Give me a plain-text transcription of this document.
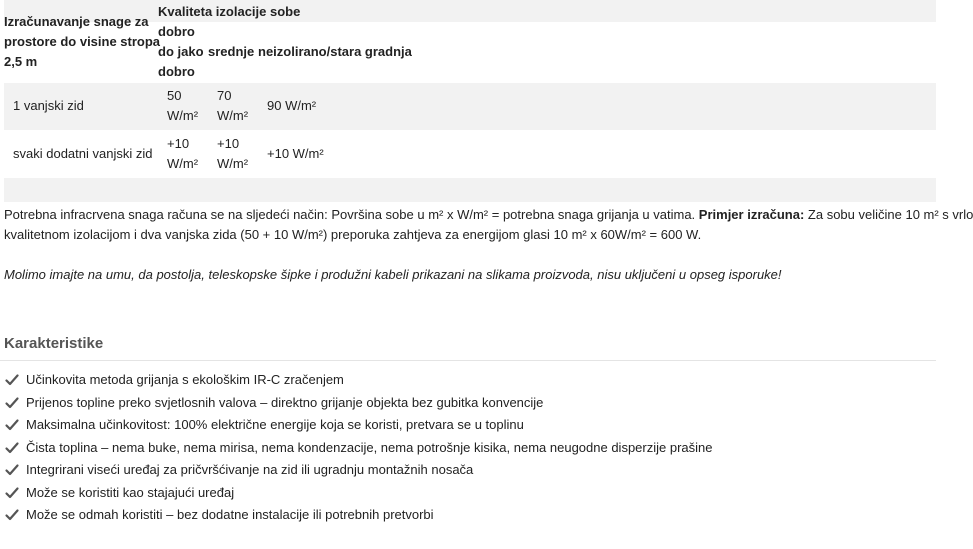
Izračunavanje snage za
prostore do visine stropa
2,5 m
Kvaliteta izolacije sobe
dobro
do jako
dobro
srednje neizolirano/stara gradnja
1 vanjski zid
50
W/m²
70
W/m²
90 W/m²
svaki dodatni vanjski zid
+10
W/m²
+10
W/m²
+10 W/m²
Potrebna infracrvena snaga računa se na sljedeći način: Površina sobe u m² x W/m² = potrebna snaga grijanja u vatima. Primjer izračuna: Za sobu veličine 10 m² s vrlo
kvalitetnom izolacijom i dva vanjska zida (50 + 10 W/m²) preporuka zahtjeva za energijom glasi 10 m² x 60W/m² = 600 W.
Molimo imajte na umu, da postolja, teleskopske šipke i produžni kabeli prikazani na slikama proizvoda, nisu uključeni u opseg isporuke!
Karakteristike
Učinkovita metoda grijanja s ekološkim IR-C zračenjem
Prijenos topline preko svjetlosnih valova – direktno grijanje objekta bez gubitka konvencije
Maksimalna učinkovitost: 100% električne energije koja se koristi, pretvara se u toplinu
Čista toplina – nema buke, nema mirisa, nema kondenzacije, nema potrošnje kisika, nema neugodne disperzije prašine
Integrirani viseći uređaj za pričvršćivanje na zid ili ugradnju montažnih nosača
Može se koristiti kao stajajući uređaj
Može se odmah koristiti – bez dodatne instalacije ili potrebnih pretvorbi
